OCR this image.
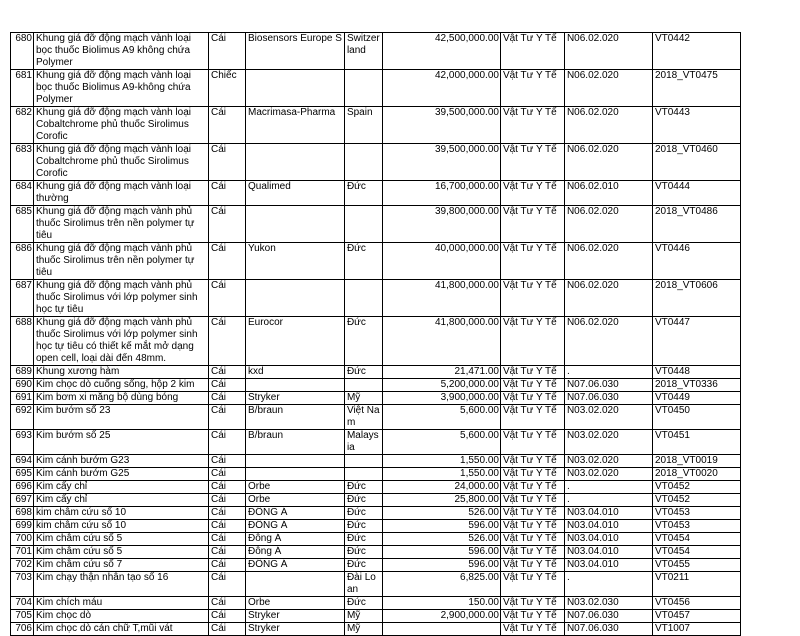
680	Khung giá đỡ động mạch vành loại bọc thuốc Biolimus A9 không chứa Polymer	Cái	Biosensors Europe S	Switzerland	42,500,000.00	Vật Tư Y Tế	N06.02.020	VT0442
681	Khung giá đỡ động mạch vành loại bọc thuốc Biolimus A9-không chứa Polymer	Chiếc			42,000,000.00	Vật Tư Y Tế	N06.02.020	2018_VT0475
682	Khung giá đỡ động mạch vành loại Cobaltchrome phủ thuốc Sirolimus Corofic	Cái	Macrimasa-Pharma	Spain	39,500,000.00	Vật Tư Y Tế	N06.02.020	VT0443
683	Khung giá đỡ động mạch vành loại Cobaltchrome phủ thuốc Sirolimus Corofic	Cái			39,500,000.00	Vật Tư Y Tế	N06.02.020	2018_VT0460
684	Khung giá đỡ động mạch vành loại thường	Cái	Qualimed	Đức	16,700,000.00	Vật Tư Y Tế	N06.02.010	VT0444
685	Khung giá đỡ động mạch vành phủ thuốc Sirolimus trên nền polymer tự tiêu	Cái			39,800,000.00	Vật Tư Y Tế	N06.02.020	2018_VT0486
686	Khung giá đỡ động mạch vành phủ thuốc Sirolimus trên nền polymer tự tiêu	Cái	Yukon	Đức	40,000,000.00	Vật Tư Y Tế	N06.02.020	VT0446
687	Khung giá đỡ động mạch vành phủ thuốc Sirolimus với lớp polymer sinh học tự tiêu	Cái			41,800,000.00	Vật Tư Y Tế	N06.02.020	2018_VT0606
688	Khung giá đỡ động mạch vành phủ thuốc Sirolimus với lớp polymer sinh học tự tiêu có thiết kế mắt mở dạng open cell, loại dài đến 48mm.	Cái	Eurocor	Đức	41,800,000.00	Vật Tư Y Tế	N06.02.020	VT0447
689	Khung xương hàm	Cái	kxd	Đức	21,471.00	Vật Tư Y Tế	.	VT0448
690	Kim chọc dò cuống sống, hộp 2 kim	Cái			5,200,000.00	Vật Tư Y Tế	N07.06.030	2018_VT0336
691	Kim bơm xi măng bộ dùng bóng	Cái	Stryker	Mỹ	3,900,000.00	Vật Tư Y Tế	N07.06.030	VT0449
692	Kim bướm số 23	Cái	B/braun	Việt Nam	5,600.00	Vật Tư Y Tế	N03.02.020	VT0450
693	Kim bướm số 25	Cái	B/braun	Malaysia	5,600.00	Vật Tư Y Tế	N03.02.020	VT0451
694	Kim cánh bướm G23	Cái			1,550.00	Vật Tư Y Tế	N03.02.020	2018_VT0019
695	Kim cánh bướm G25	Cái			1,550.00	Vật Tư Y Tế	N03.02.020	2018_VT0020
696	Kim cấy chỉ	Cái	Orbe	Đức	24,000.00	Vật Tư Y Tế	.	VT0452
697	Kim cấy chỉ	Cái	Orbe	Đức	25,800.00	Vật Tư Y Tế	.	VT0452
698	kim châm cứu số 10	Cái	ĐÔNG Á	Đức	526.00	Vật Tư Y Tế	N03.04.010	VT0453
699	kim châm cứu số 10	Cái	ĐÔNG Á	Đức	596.00	Vật Tư Y Tế	N03.04.010	VT0453
700	Kim châm cứu số 5	Cái	Đông Á	Đức	526.00	Vật Tư Y Tế	N03.04.010	VT0454
701	Kim châm cứu số 5	Cái	Đông Á	Đức	596.00	Vật Tư Y Tế	N03.04.010	VT0454
702	Kim châm cứu số 7	Cái	ĐÔNG Á	Đức	596.00	Vật Tư Y Tế	N03.04.010	VT0455
703	Kim chạy thận nhân tạo số 16	Cái		Đài Loan	6,825.00	Vật Tư Y Tế	.	VT0211
704	Kim chích máu	Cái	Orbe	Đức	150.00	Vật Tư Y Tế	N03.02.030	VT0456
705	Kim chọc dò	Cái	Stryker	Mỹ	2,900,000.00	Vật Tư Y Tế	N07.06.030	VT0457
706	Kim chọc dò cán chữ T,mũi vát	Cái	Stryker	Mỹ		Vật Tư Y Tế	N07.06.030	VT1007
